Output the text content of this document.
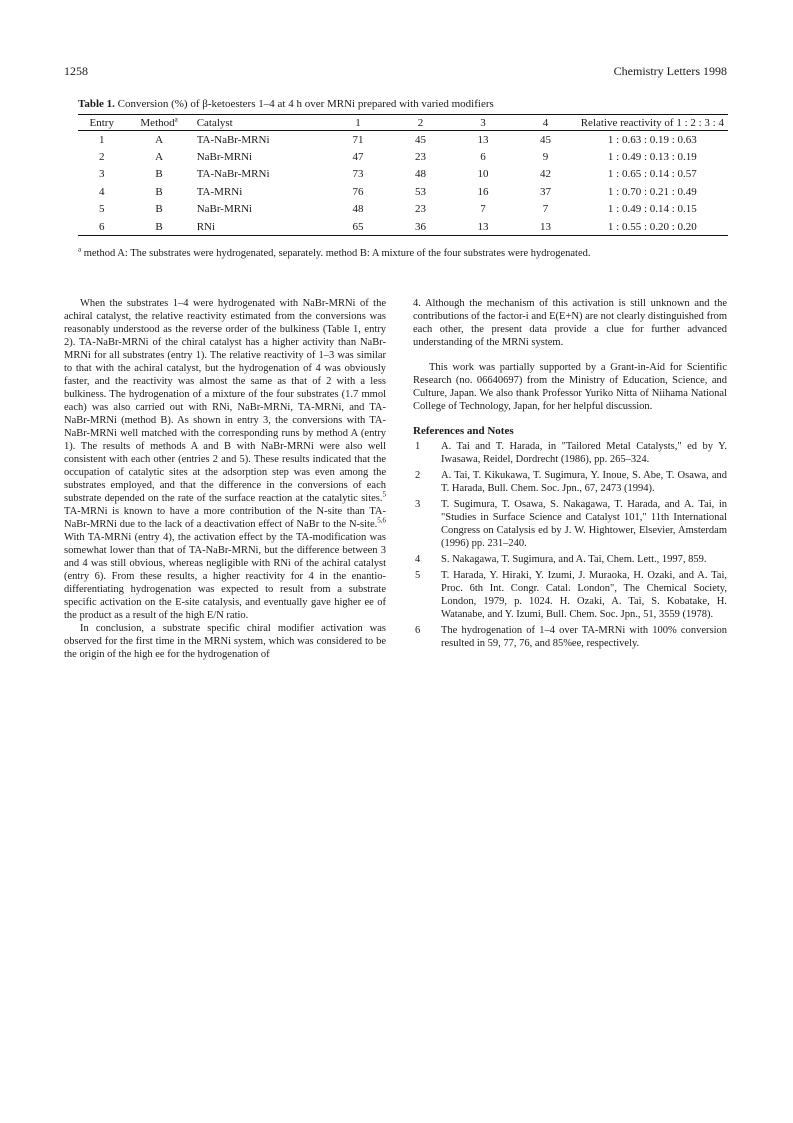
1258	Chemistry Letters 1998
Table 1. Conversion (%) of β-ketoesters 1–4 at 4 h over MRNi prepared with varied modifiers
Entry	Method$^a$	Catalyst	1	2	3	4	Relative reactivity of 1 : 2 : 3 : 4
1	A	TA-NaBr-MRNi	71	45	13	45	1 : 0.63 : 0.19 : 0.63
2	A	NaBr-MRNi	47	23	6	9	1 : 0.49 : 0.13 : 0.19
3	B	TA-NaBr-MRNi	73	48	10	42	1 : 0.65 : 0.14 : 0.57
4	B	TA-MRNi	76	53	16	37	1 : 0.70 : 0.21 : 0.49
5	B	NaBr-MRNi	48	23	7	7	1 : 0.49 : 0.14 : 0.15
6	B	RNi	65	36	13	13	1 : 0.55 : 0.20 : 0.20
$^a$ method A: The substrates were hydrogenated, separately. method B: A mixture of the four substrates were hydrogenated.

When the substrates 1–4 were hydrogenated with NaBr-MRNi of the achiral catalyst, the relative reactivity estimated from the conversions was reasonably understood as the reverse order of the bulkiness (Table 1, entry 2). TA-NaBr-MRNi of the chiral catalyst has a higher activity than NaBr-MRNi for all substrates (entry 1). The relative reactivity of 1–3 was similar to that with the achiral catalyst, but the hydrogenation of 4 was obviously faster, and the reactivity was almost the same as that of 2 with a less bulkiness. The hydrogenation of a mixture of the four substrates (1.7 mmol each) was also carried out with RNi, NaBr-MRNi, TA-MRNi, and TA-NaBr-MRNi (method B). As shown in entry 3, the conversions with TA-NaBr-MRNi well matched with the corresponding runs by method A (entry 1). The results of methods A and B with NaBr-MRNi were also well consistent with each other (entries 2 and 5). These results indicated that the occupation of catalytic sites at the adsorption step was even among the substrates employed, and that the difference in the conversions of each substrate depended on the rate of the surface reaction at the catalytic sites.$^5$ TA-MRNi is known to have a more contribution of the N-site than TA-NaBr-MRNi due to the lack of a deactivation effect of NaBr to the N-site.$^{5,6}$ With TA-MRNi (entry 4), the activation effect by the TA-modification was somewhat lower than that of TA-NaBr-MRNi, but the difference between 3 and 4 was still obvious, whereas negligible with RNi of the achiral catalyst (entry 6). From these results, a higher reactivity for 4 in the enantio-differentiating hydrogenation was expected to result from a substrate specific activation on the E-site catalysis, and eventually gave higher ee of the product as a result of the high E/N ratio.

In conclusion, a substrate specific chiral modifier activation was observed for the first time in the MRNi system, which was considered to be the origin of the high ee for the hydrogenation of

4. Although the mechanism of this activation is still unknown and the contributions of the factor-i and E(E+N) are not clearly distinguished from each other, the present data provide a clue for further advanced understanding of the MRNi system.

This work was partially supported by a Grant-in-Aid for Scientific Research (no. 06640697) from the Ministry of Education, Science, and Culture, Japan. We also thank Professor Yuriko Nitta of Niihama National College of Technology, Japan, for her helpful discussion.

References and Notes
1 A. Tai and T. Harada, in "Tailored Metal Catalysts," ed by Y. Iwasawa, Reidel, Dordrecht (1986), pp. 265–324.
2 A. Tai, T. Kikukawa, T. Sugimura, Y. Inoue, S. Abe, T. Osawa, and T. Harada, Bull. Chem. Soc. Jpn., 67, 2473 (1994).
3 T. Sugimura, T. Osawa, S. Nakagawa, T. Harada, and A. Tai, in "Studies in Surface Science and Catalyst 101," 11th International Congress on Catalysis ed by J. W. Hightower, Elsevier, Amsterdam (1996) pp. 231–240.
4 S. Nakagawa, T. Sugimura, and A. Tai, Chem. Lett., 1997, 859.
5 T. Harada, Y. Hiraki, Y. Izumi, J. Muraoka, H. Ozaki, and A. Tai, Proc. 6th Int. Congr. Catal. London", The Chemical Society, London, 1979, p. 1024. H. Ozaki, A. Tai, S. Kobatake, H. Watanabe, and Y. Izumi, Bull. Chem. Soc. Jpn., 51, 3559 (1978).
6 The hydrogenation of 1–4 over TA-MRNi with 100% conversion resulted in 59, 77, 76, and 85%ee, respectively.
